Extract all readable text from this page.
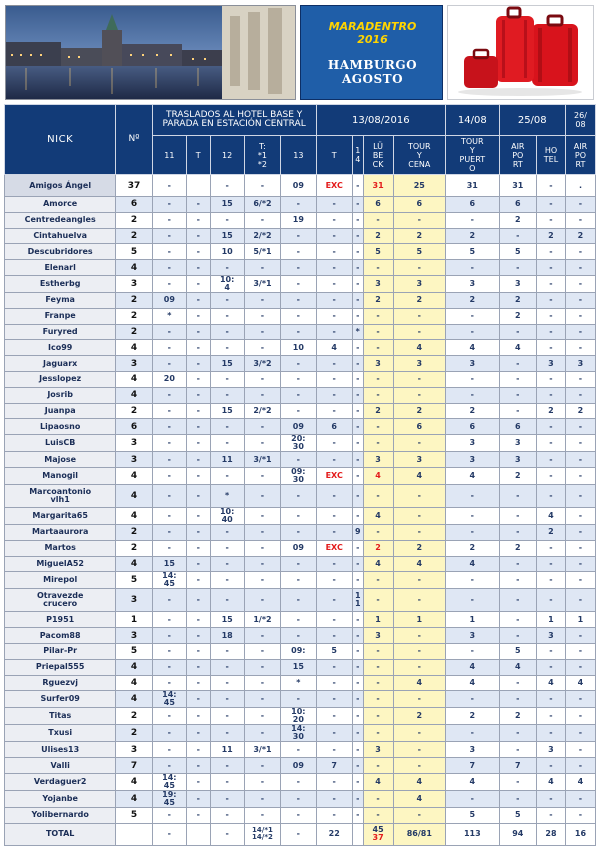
MARADENTRO
2016
HAMBURGO
AGOSTO
NICK	Nº	TRASLADOS AL HOTEL BASE Y PARADA EN ESTACIÓN CENTRAL					13/08/2016				14/08	25/08		26/
08
		11	T	12	T:
*1
*2	13	T	1
4	LÜ
BE
CK	TOUR
Y
CENA	TOUR
Y
PUERT
O	AIR
PO
RT	HO
TEL	AIR
PO
RT
Amigos Ángel	37	-		-	-	09	EXC	-	31	25	31	31	-	.
Amorce	6	-	-	15	6/*2	-	-	-	6	6	6	6	-	-
Centredeangles	2	-	-	-	-	19	-	-	-	-	-	2	-	-
Cintahuelva	2	-	-	15	2/*2	-	-	-	2	2	2	-	2	2
Descubridores	5	-	-	10	5/*1	-	-	-	5	5	5	5	-	-
Elenarl	4	-	-	-	-	-	-	-	-	-	-	-	-	-
Estherbg	3	-	-	10:
4	3/*1	-	-	-	3	3	3	3	-	-
Feyma	2	09	-	-	-	-	-	-	2	2	2	2	-	-
Franpe	2	*	-	-	-	-	-	-	-	-	-	2	-	-
Furyred	2	-	-	-	-	-	-	*	-	-	-	-	-	-
Ico99	4	-	-	-	-	10	4	-	-	4	4	4	-	-
Jaguarx	3	-	-	15	3/*2	-	-	-	3	3	3	-	3	3
Jesslopez	4	20	-	-	-	-	-	-	-	-	-	-	-	-
Josrib	4	-	-	-	-	-	-	-	-	-	-	-	-	-
Juanpa	2	-	-	15	2/*2	-	-	-	2	2	2	-	2	2
Lipaosno	6	-	-	-	-	09	6	-	-	6	6	6	-	-
LuisCB	3	-	-	-	-	20:
30	-	-	-	-	3	3	-	-
Majose	3	-	-	11	3/*1	-	-	-	3	3	3	3	-	-
Manogil	4	-	-	-	-	09:
30	EXC	-	4	4	4	2	-	-
Marcoantonio
vlh1	4	-	-	*	-	-	-	-	-	-	-	-	-	-
Margarita65	4	-	-	10:
40	-	-	-	-	4	-	-	-	4	-
Martaaurora	2	-	-	-	-	-	-	9	-	-	-	-	2	-
Martos	2	-	-	-	-	09	EXC	-	2	2	2	2	-	-
MiguelA52	4	15	-	-	-	-	-	-	4	4	4	-	-	-
Mirepol	5	14:
45	-	-	-	-	-	-	-	-	-	-	-	-
Otravezde
crucero	3	-	-	-	-	-	-	1
1	-	-	-	-	-	-
P1951	1	-	-	15	1/*2	-	-	-	1	1	1	-	1	1
Pacom88	3	-	-	18	-	-	-	-	3	-	3	-	3	-
Pilar-Pr	5	-	-	-	-	09:	5	-	-	-	-	5	-	-
Priepal555	4	-	-	-	-	15	-	-	-	-	4	4	-	-
Rguezvj	4	-	-	-	-	*	-	-	-	4	4	-	4	4
Surfer09	4	14:
45	-	-	-	-	-	-	-	-	-	-	-	-
Titas	2	-	-	-	-	10:
20	-	-	-	2	2	2	-	-
Txusi	2	-	-	-	-	14:
30	-	-	-	-	-	-	-	-
Ulises13	3	-	-	11	3/*1	-	-	-	3	-	3	-	3	-
Valli	7	-	-	-	-	09	7	-	-	-	7	7	-	-
Verdaguer2	4	14:
45	-	-	-	-	-	-	4	4	4	-	4	4
Yojanbe	4	19:
45	-	-	-	-	-	-	-	4	-	-	-	-
Yolibernardo	5	-	-	-	-	-	-	-	-	-	5	5	-	-
TOTAL		-		-	14/*1
14/*2	-	22		45
37	86/81	113	94	28	16
